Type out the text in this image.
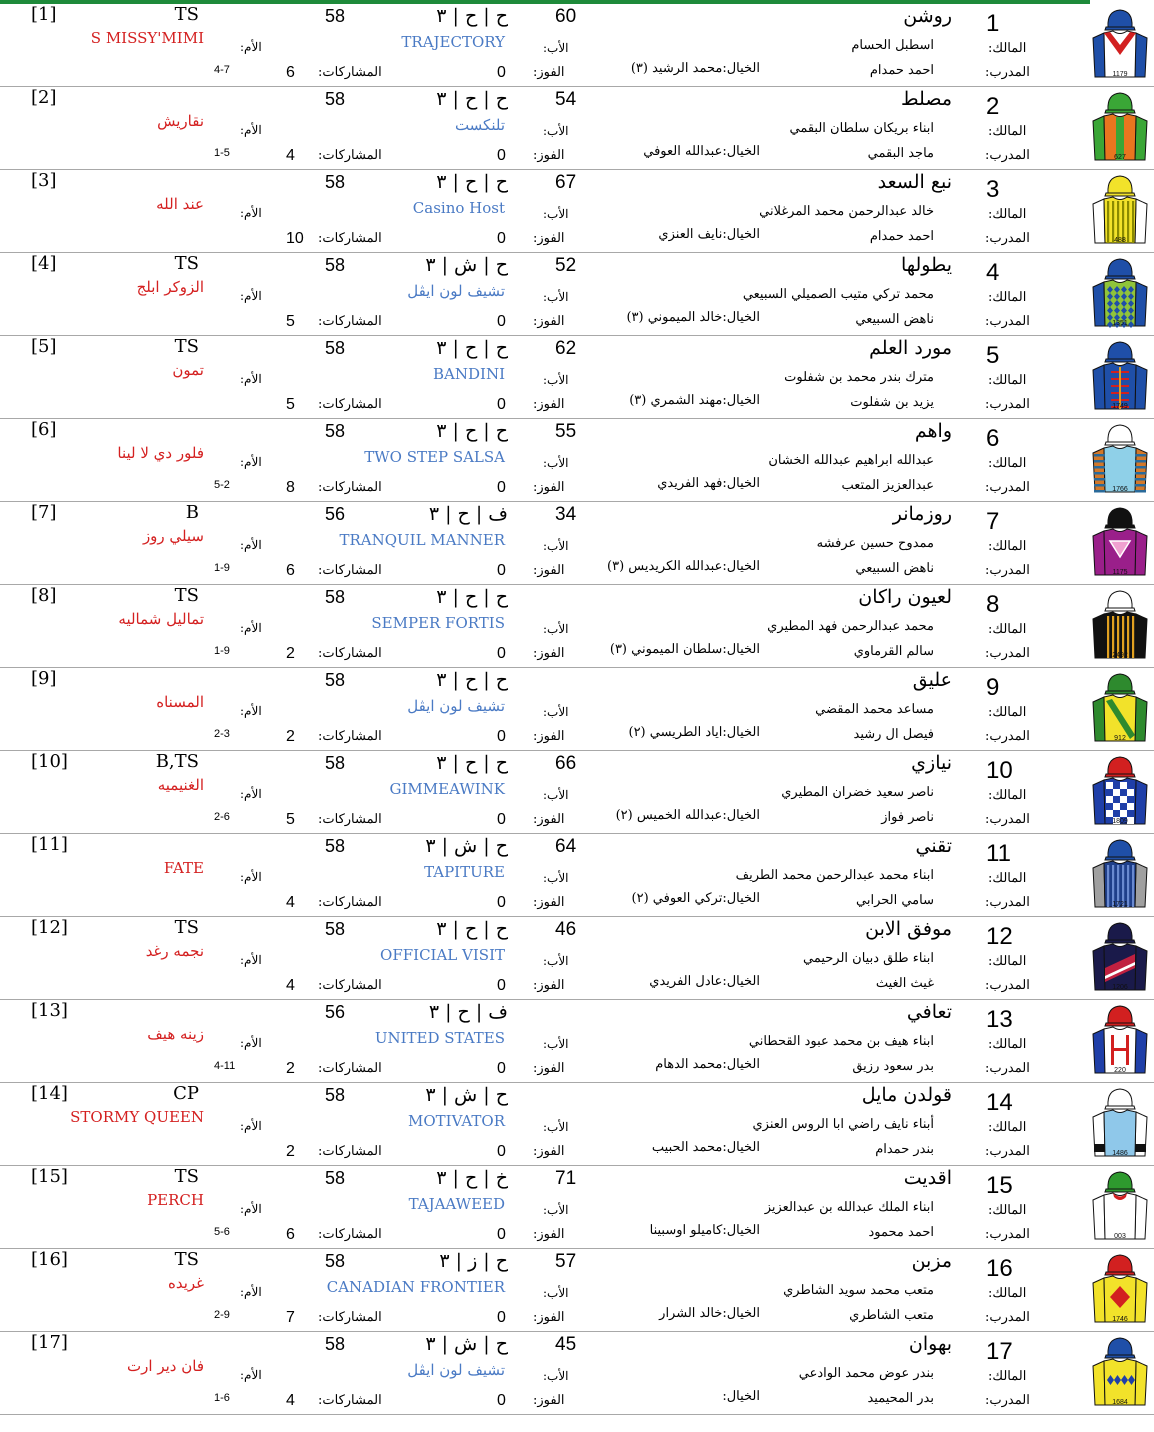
1
روشن
المالك:
اسطبل الحسام
المدرب:
احمد حمدام
الخيال:محمد الرشيد (٣)
60
الأب:
الفوز:
0
ح | ح | ٣
58
TRAJECTORY
المشاركات:
6
الأم:
4-7
S MISSY'MIMI
TS
[1]
1179
2
مصلط
المالك:
ابناء بريكان سلطان البقمي
المدرب:
ماجد البقمي
الخيال:عبدالله العوفي
54
الأب:
الفوز:
0
ح | ح | ٣
58
تلنكست
المشاركات:
4
الأم:
1-5
نقاريش
[2]
627
3
نبع السعد
المالك:
خالد عبدالرحمن محمد المرغلاني
المدرب:
احمد حمدام
الخيال:نايف العنزي
67
الأب:
الفوز:
0
ح | ح | ٣
58
Casino Host
المشاركات:
10
الأم:
عند الله
[3]
488
4
يطولها
المالك:
محمد تركي متيب الصميلي السبيعي
المدرب:
ناهض السبيعي
الخيال:خالد الميموني (٣)
52
الأب:
الفوز:
0
ح | ش | ٣
58
تشيف لون ايڤل
المشاركات:
5
الأم:
الزوكر ابلج
TS
[4]
1351
5
مورد العلم
المالك:
مترك بندر محمد بن شفلوت
المدرب:
يزيد بن شفلوت
الخيال:مهند الشمري (٣)
62
الأب:
الفوز:
0
ح | ح | ٣
58
BANDINI
المشاركات:
5
الأم:
تمون
TS
[5]
1749
6
واهم
المالك:
عبدالله ابراهيم عبدالله الخشان
المدرب:
عبدالعزيز المتعب
الخيال:فهد الفريدي
55
الأب:
الفوز:
0
ح | ح | ٣
58
TWO STEP SALSA
المشاركات:
8
الأم:
5-2
فلور دي لا لينا
[6]
1766
7
روزمانر
المالك:
ممدوح حسين عرفشه
المدرب:
ناهض السبيعي
الخيال:عبدالله الكريديس (٣)
34
الأب:
الفوز:
0
ف | ح | ٣
56
TRANQUIL MANNER
المشاركات:
6
الأم:
1-9
سيلي روز
B
[7]
1175
8
لعيون راكان
المالك:
محمد عبدالرحمن فهد المطيري
المدرب:
سالم القرماوي
الخيال:سلطان الميموني (٣)
الأب:
الفوز:
0
ح | ح | ٣
58
SEMPER FORTIS
المشاركات:
2
الأم:
1-9
تماليل شماليه
TS
[8]
2492
9
عليق
المالك:
مساعد محمد المقضي
المدرب:
فيصل ال رشيد
الخيال:اياد الطريسي (٢)
الأب:
الفوز:
0
ح | ح | ٣
58
تشيف لون ايڤل
المشاركات:
2
الأم:
2-3
المسناه
[9]
912
10
نيازي
المالك:
ناصر سعيد خضران المطيري
المدرب:
ناصر فواز
الخيال:عبدالله الخميس (٢)
66
الأب:
الفوز:
0
ح | ح | ٣
58
GIMMEAWINK
المشاركات:
5
الأم:
2-6
الغنيميه
B,TS
[10]
1809
11
تقني
المالك:
ابناء محمد عبدالرحمن محمد الطريف
المدرب:
سامي الحرابي
الخيال:تركي العوفي (٢)
64
الأب:
الفوز:
0
ح | ش | ٣
58
TAPITURE
المشاركات:
4
الأم:
FATE
[11]
1721
12
موفق الابن
المالك:
ابناء طلق دبيان الرحيمي
المدرب:
غيث الغيث
الخيال:عادل الفريدي
46
الأب:
الفوز:
0
ح | ح | ٣
58
OFFICIAL VISIT
المشاركات:
4
الأم:
نجمه رغد
TS
[12]
1206
13
تعافي
المالك:
ابناء هيف بن محمد عبود القحطاني
المدرب:
بدر سعود رزيق
الخيال:محمد الدهام
الأب:
الفوز:
0
ف | ح | ٣
56
UNITED STATES
المشاركات:
2
الأم:
4-11
زينه هيف
[13]
220
14
قولدن مايل
المالك:
أبناء نايف راضي ابا الروس العنزي
المدرب:
بندر حمدام
الخيال:محمد الحبيب
الأب:
الفوز:
0
ح | ش | ٣
58
MOTIVATOR
المشاركات:
2
الأم:
STORMY QUEEN
CP
[14]
1486
15
اقديت
المالك:
ابناء الملك عبدالله بن عبدالعزيز
المدرب:
احمد محمود
الخيال:كاميلو اوسبينا
71
الأب:
الفوز:
0
خ | ح | ٣
58
TAJAAWEED
المشاركات:
6
الأم:
5-6
PERCH
TS
[15]
003
16
مزبن
المالك:
متعب محمد سويد الشاطري
المدرب:
متعب الشاطري
الخيال:خالد الشرار
57
الأب:
الفوز:
0
ح | ز | ٣
58
CANADIAN FRONTIER
المشاركات:
7
الأم:
2-9
غريده
TS
[16]
1746
17
بهوان
المالك:
بندر عوض محمد الوادعي
المدرب:
بدر المحيميد
الخيال:
45
الأب:
الفوز:
0
ح | ش | ٣
58
تشيف لون ايڤل
المشاركات:
4
الأم:
1-6
فان دير ارت
[17]
1684
